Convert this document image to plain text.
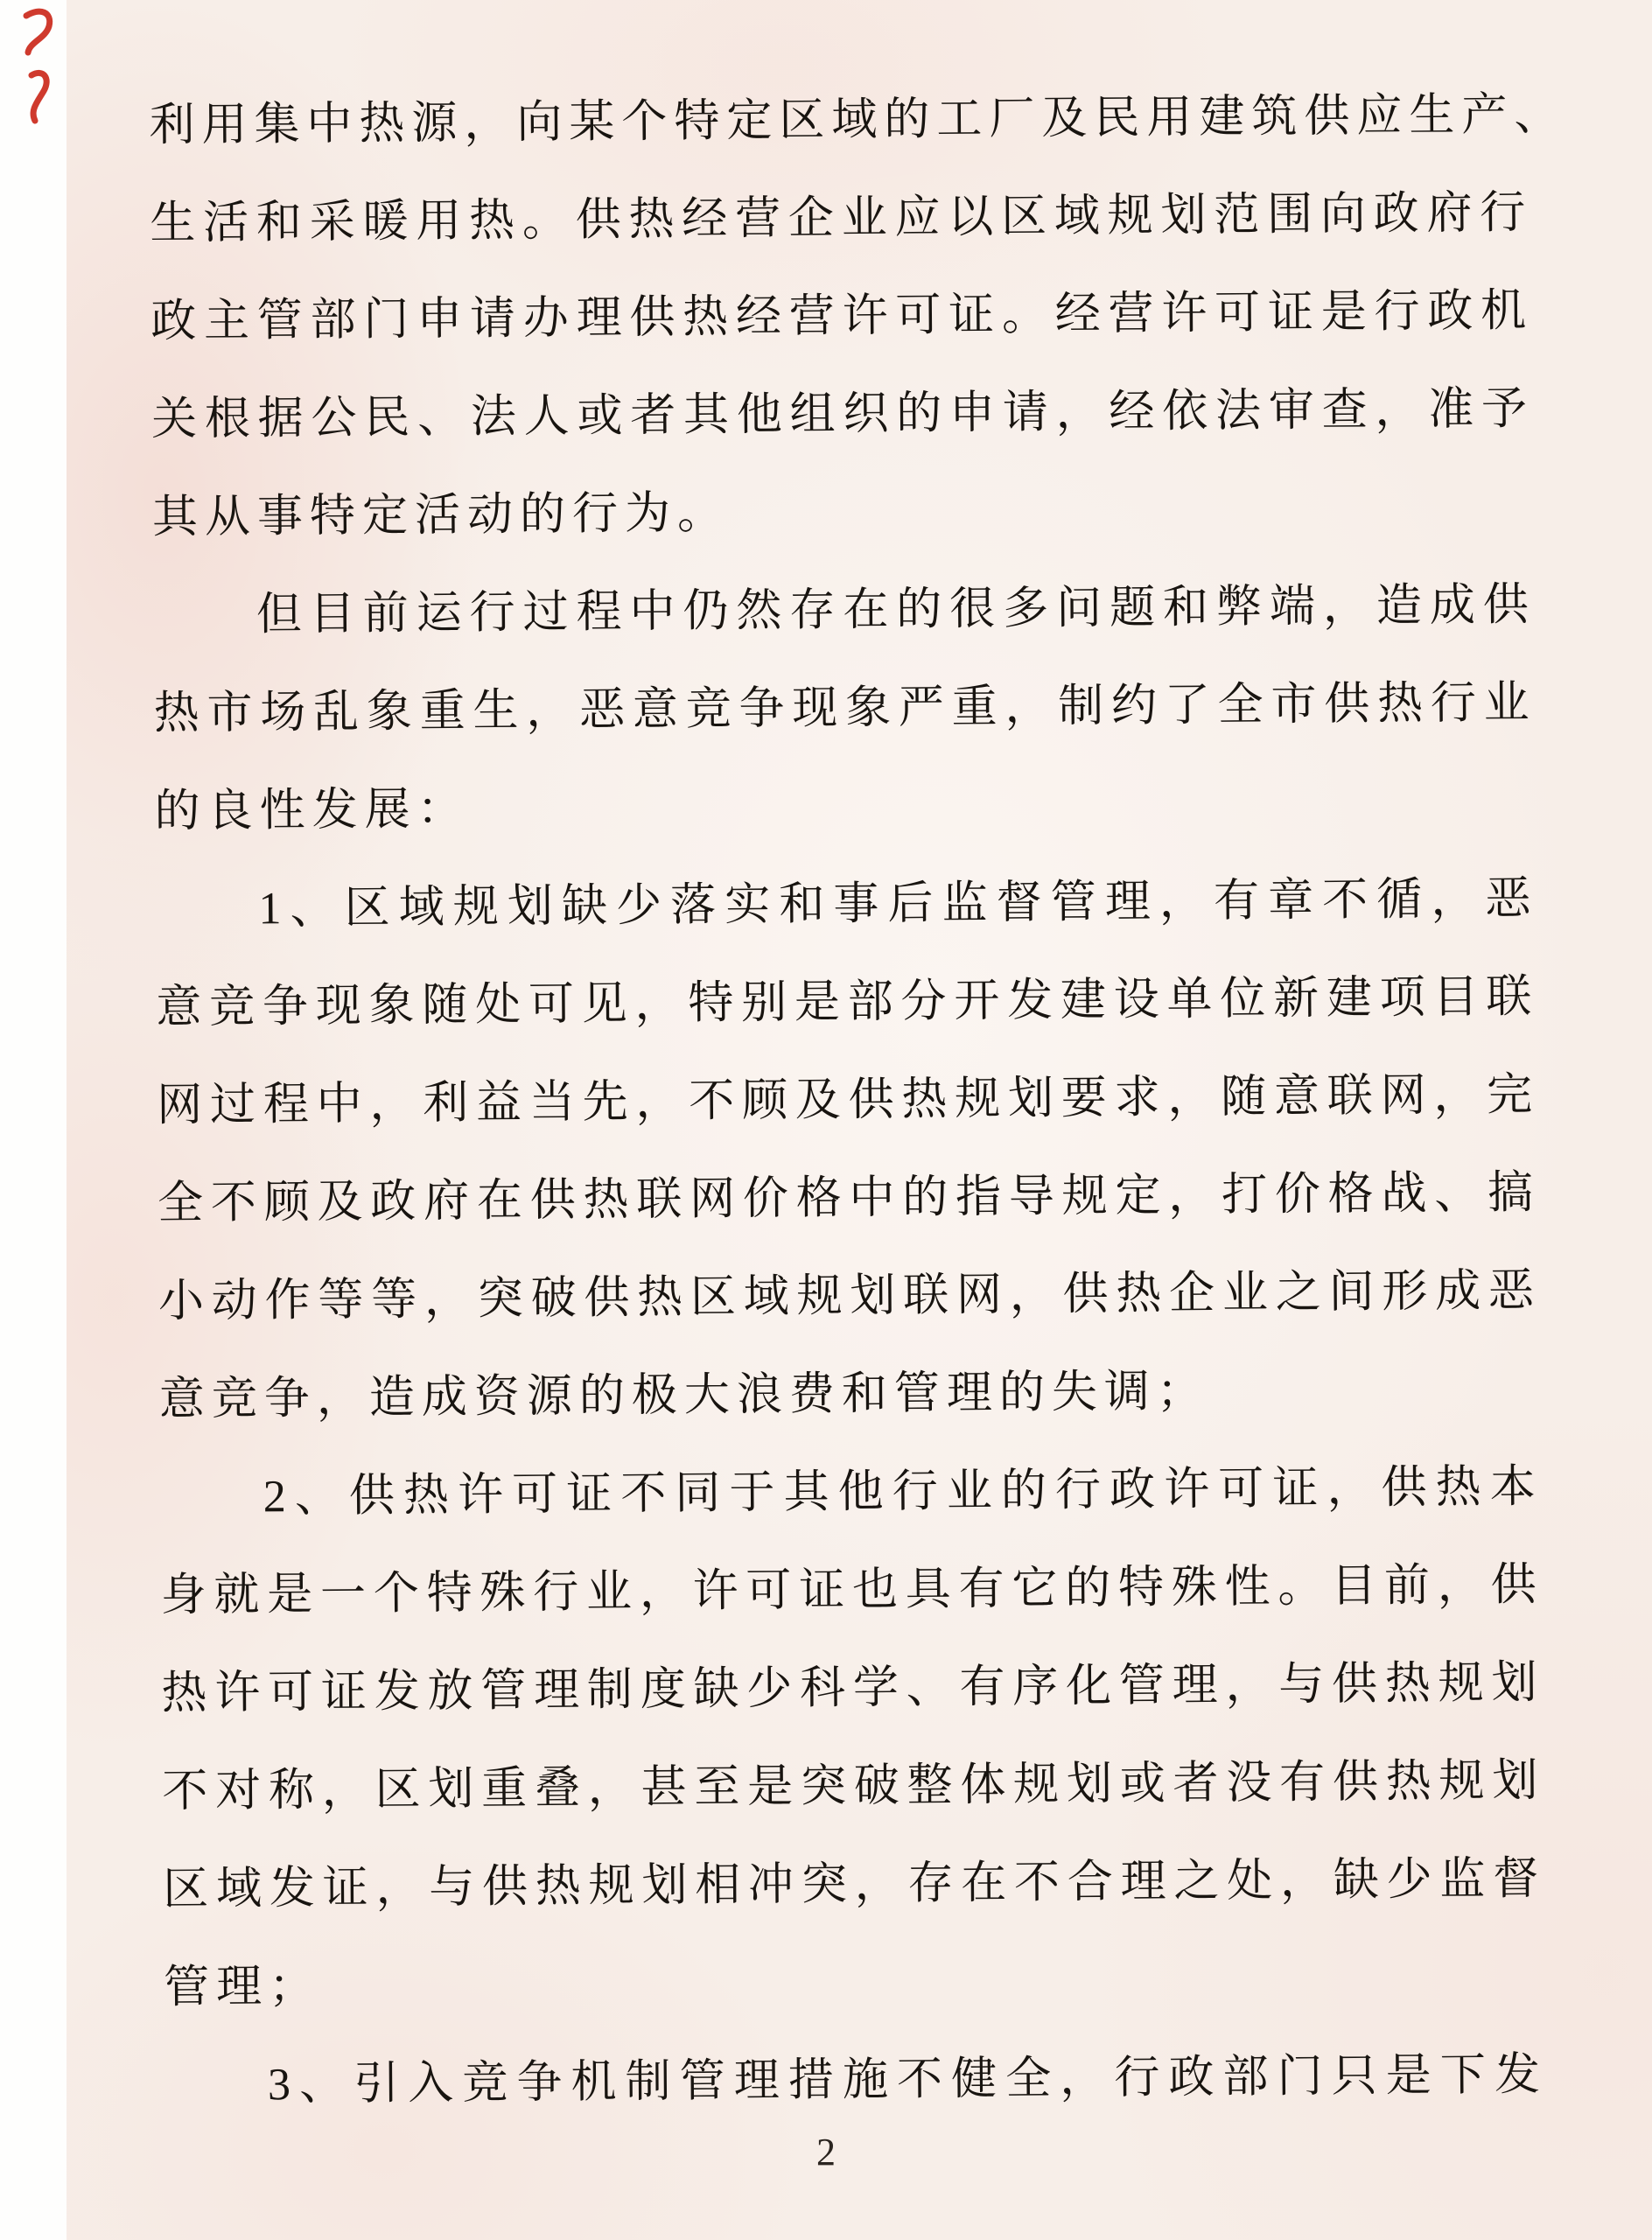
利用集中热源，向某个特定区域的工厂及民用建筑供应生产、
生活和采暖用热。供热经营企业应以区域规划范围向政府行
政主管部门申请办理供热经营许可证。经营许可证是行政机
关根据公民、法人或者其他组织的申请，经依法审查，准予
其从事特定活动的行为。
但目前运行过程中仍然存在的很多问题和弊端，造成供
热市场乱象重生，恶意竞争现象严重，制约了全市供热行业
的良性发展：
1、区域规划缺少落实和事后监督管理，有章不循，恶
意竞争现象随处可见，特别是部分开发建设单位新建项目联
网过程中，利益当先，不顾及供热规划要求，随意联网，完
全不顾及政府在供热联网价格中的指导规定，打价格战、搞
小动作等等，突破供热区域规划联网，供热企业之间形成恶
意竞争，造成资源的极大浪费和管理的失调；
2、供热许可证不同于其他行业的行政许可证，供热本
身就是一个特殊行业，许可证也具有它的特殊性。目前，供
热许可证发放管理制度缺少科学、有序化管理，与供热规划
不对称，区划重叠，甚至是突破整体规划或者没有供热规划
区域发证，与供热规划相冲突，存在不合理之处，缺少监督
管理；
3、引入竞争机制管理措施不健全，行政部门只是下发
2
